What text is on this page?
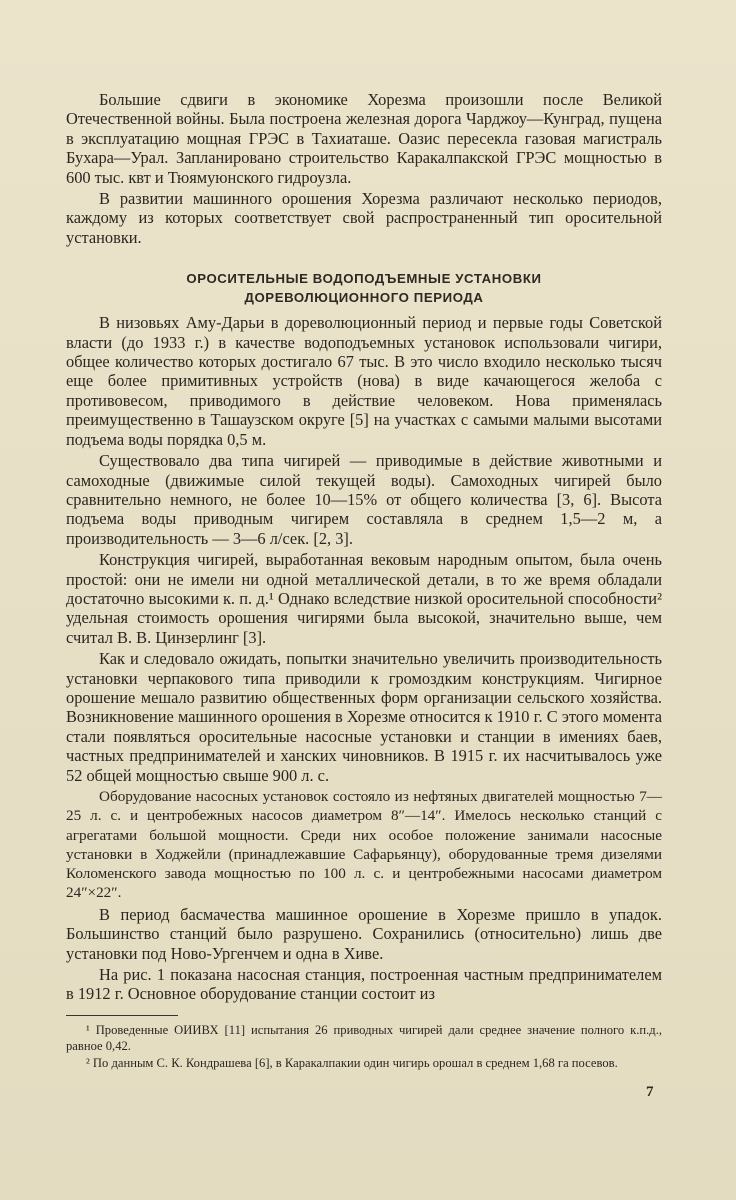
Большие сдвиги в экономике Хорезма произошли после Великой Отечественной войны. Была построена железная дорога Чарджоу—Кунград, пущена в эксплуатацию мощная ГРЭС в Тахиаташе. Оазис пересекла газовая магистраль Бухара—Урал. Запланировано строительство Каракалпакской ГРЭС мощностью в 600 тыс. квт и Тюямуюнского гидроузла.

В развитии машинного орошения Хорезма различают несколько периодов, каждому из которых соответствует свой распространенный тип оросительной установки.

ОРОСИТЕЛЬНЫЕ ВОДОПОДЪЕМНЫЕ УСТАНОВКИ
ДОРЕВОЛЮЦИОННОГО ПЕРИОДА

В низовьях Аму-Дарьи в дореволюционный период и первые годы Советской власти (до 1933 г.) в качестве водоподъемных установок использовали чигири, общее количество которых достигало 67 тыс. В это число входило несколько тысяч еще более примитивных устройств (нова) в виде качающегося желоба с противовесом, приводимого в действие человеком. Нова применялась преимущественно в Ташаузском округе [5] на участках с самыми малыми высотами подъема воды порядка 0,5 м.

Существовало два типа чигирей — приводимые в действие животными и самоходные (движимые силой текущей воды). Самоходных чигирей было сравнительно немного, не более 10—15% от общего количества [3, 6]. Высота подъема воды приводным чигирем составляла в среднем 1,5—2 м, а производительность — 3—6 л/сек. [2, 3].

Конструкция чигирей, выработанная вековым народным опытом, была очень простой: они не имели ни одной металлической детали, в то же время обладали достаточно высокими к. п. д.¹ Однако вследствие низкой оросительной способности² удельная стоимость орошения чигирями была высокой, значительно выше, чем считал В. В. Цинзерлинг [3].

Как и следовало ожидать, попытки значительно увеличить производительность установки черпакового типа приводили к громоздким конструкциям. Чигирное орошение мешало развитию общественных форм организации сельского хозяйства. Возникновение машинного орошения в Хорезме относится к 1910 г. С этого момента стали появляться оросительные насосные установки и станции в имениях баев, частных предпринимателей и ханских чиновников. В 1915 г. их насчитывалось уже 52 общей мощностью свыше 900 л. с.

Оборудование насосных установок состояло из нефтяных двигателей мощностью 7—25 л. с. и центробежных насосов диаметром 8″—14″. Имелось несколько станций с агрегатами большой мощности. Среди них особое положение занимали насосные установки в Ходжейли (принадлежавшие Сафарьянцу), оборудованные тремя дизелями Коломенского завода мощностью по 100 л. с. и центробежными насосами диаметром 24″×22″.

В период басмачества машинное орошение в Хорезме пришло в упадок. Большинство станций было разрушено. Сохранились (относительно) лишь две установки под Ново-Ургенчем и одна в Хиве.

На рис. 1 показана насосная станция, построенная частным предпринимателем в 1912 г. Основное оборудование станции состоит из

¹ Проведенные ОИИВХ [11] испытания 26 приводных чигирей дали среднее значение полного к.п.д., равное 0,42.

² По данным С. К. Кондрашева [6], в Каракалпакии один чигирь орошал в среднем 1,68 га посевов.

7
